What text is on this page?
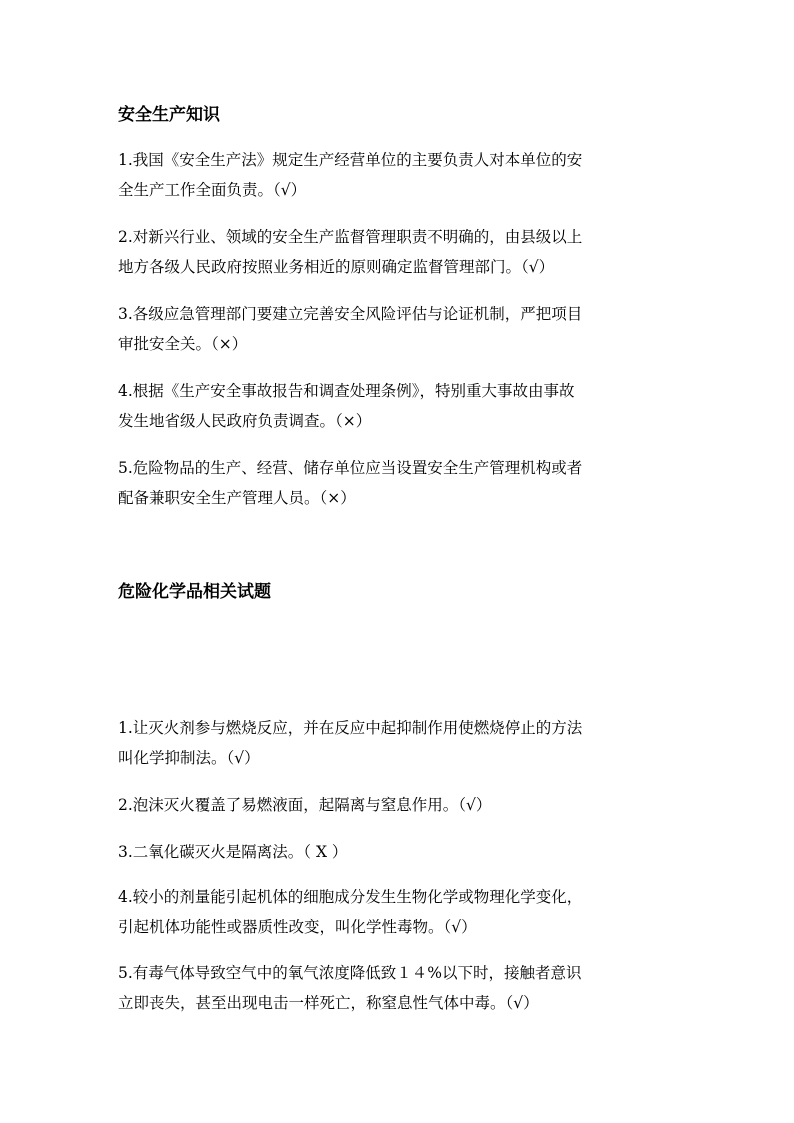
安全生产知识

1.我国《安全生产法》规定生产经营单位的主要负责人对本单位的安
全生产工作全面负责。（√）

2.对新兴行业、领域的安全生产监督管理职责不明确的，由县级以上
地方各级人民政府按照业务相近的原则确定监督管理部门。（√）

3.各级应急管理部门要建立完善安全风险评估与论证机制，严把项目
审批安全关。（×）

4.根据《生产安全事故报告和调查处理条例》，特别重大事故由事故
发生地省级人民政府负责调查。（×）

5.危险物品的生产、经营、储存单位应当设置安全生产管理机构或者
配备兼职安全生产管理人员。（×）

危险化学品相关试题

1.让灭火剂参与燃烧反应，并在反应中起抑制作用使燃烧停止的方法
叫化学抑制法。（√）

2.泡沫灭火覆盖了易燃液面，起隔离与窒息作用。（√）

3.二氧化碳灭火是隔离法。（ X ）

4.较小的剂量能引起机体的细胞成分发生生物化学或物理化学变化，
引起机体功能性或器质性改变，叫化学性毒物。（√）

5.有毒气体导致空气中的氧气浓度降低致１４%以下时，接触者意识
立即丧失，甚至出现电击一样死亡，称窒息性气体中毒。（√）
